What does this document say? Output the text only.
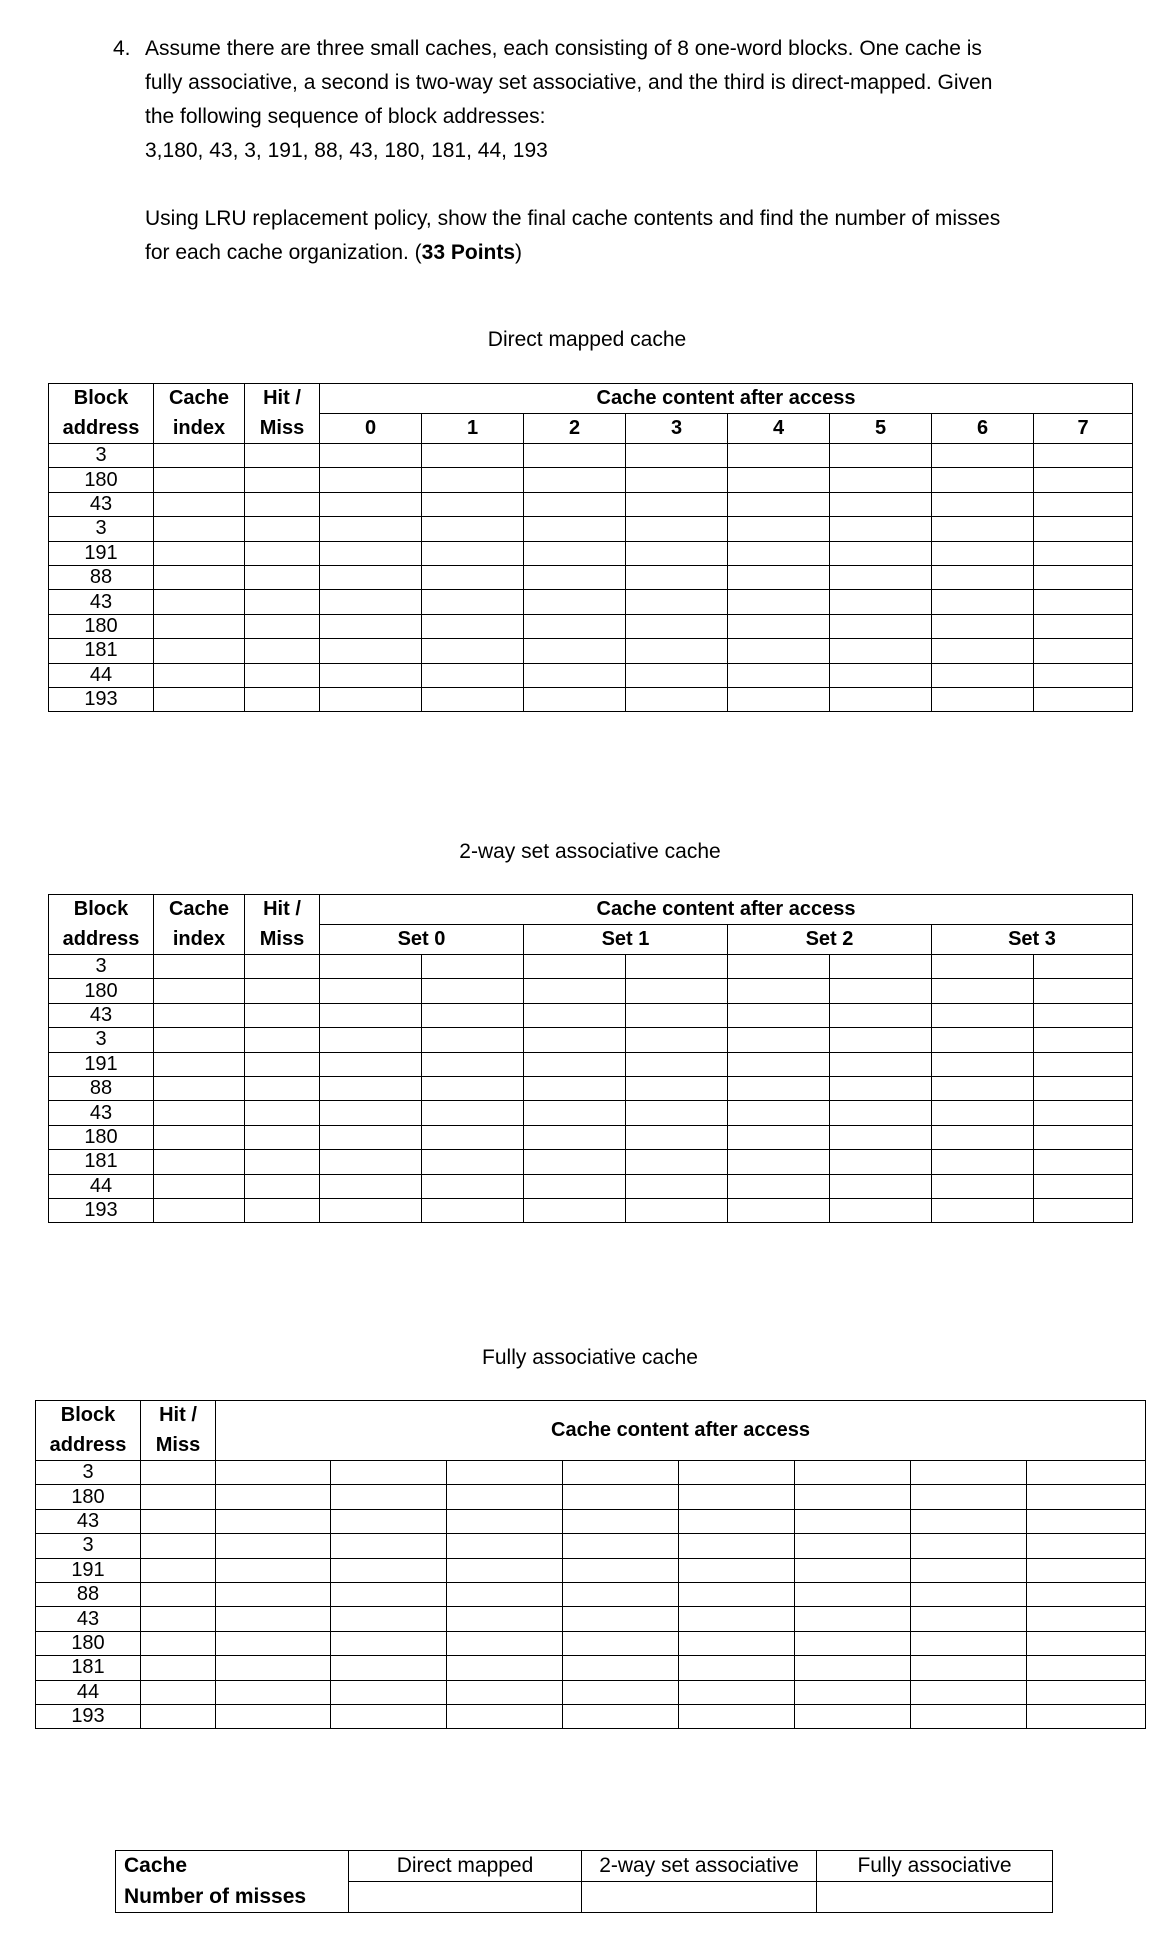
4. Assume there are three small caches, each consisting of 8 one-word blocks. One cache is

fully associative, a second is two-way set associative, and the third is direct-mapped. Given

the following sequence of block addresses:

3,180, 43, 3, 191, 88, 43, 180, 181, 44, 193

Using LRU replacement policy, show the final cache contents and find the number of misses

for each cache organization. (33 Points)

Direct mapped cache
Block	Cache	Hit /	Cache content after access							
address	index	Miss	0	1	2	3	4	5	6	7
3										
180										
43										
3										
191										
88										
43										
180										
181										
44										
193										
2-way set associative cache
Block	Cache	Hit /	Cache content after access							
address	index	Miss	Set 0		Set 1		Set 2		Set 3	
3										
180										
43										
3										
191										
88										
43										
180										
181										
44										
193										
Fully associative cache
Block	Hit /	Cache content after access							
address	Miss								
3									
180									
43									
3									
191									
88									
43									
180									
181									
44									
193									
Cache	Direct mapped	2-way set associative	Fully associative
Number of misses			
